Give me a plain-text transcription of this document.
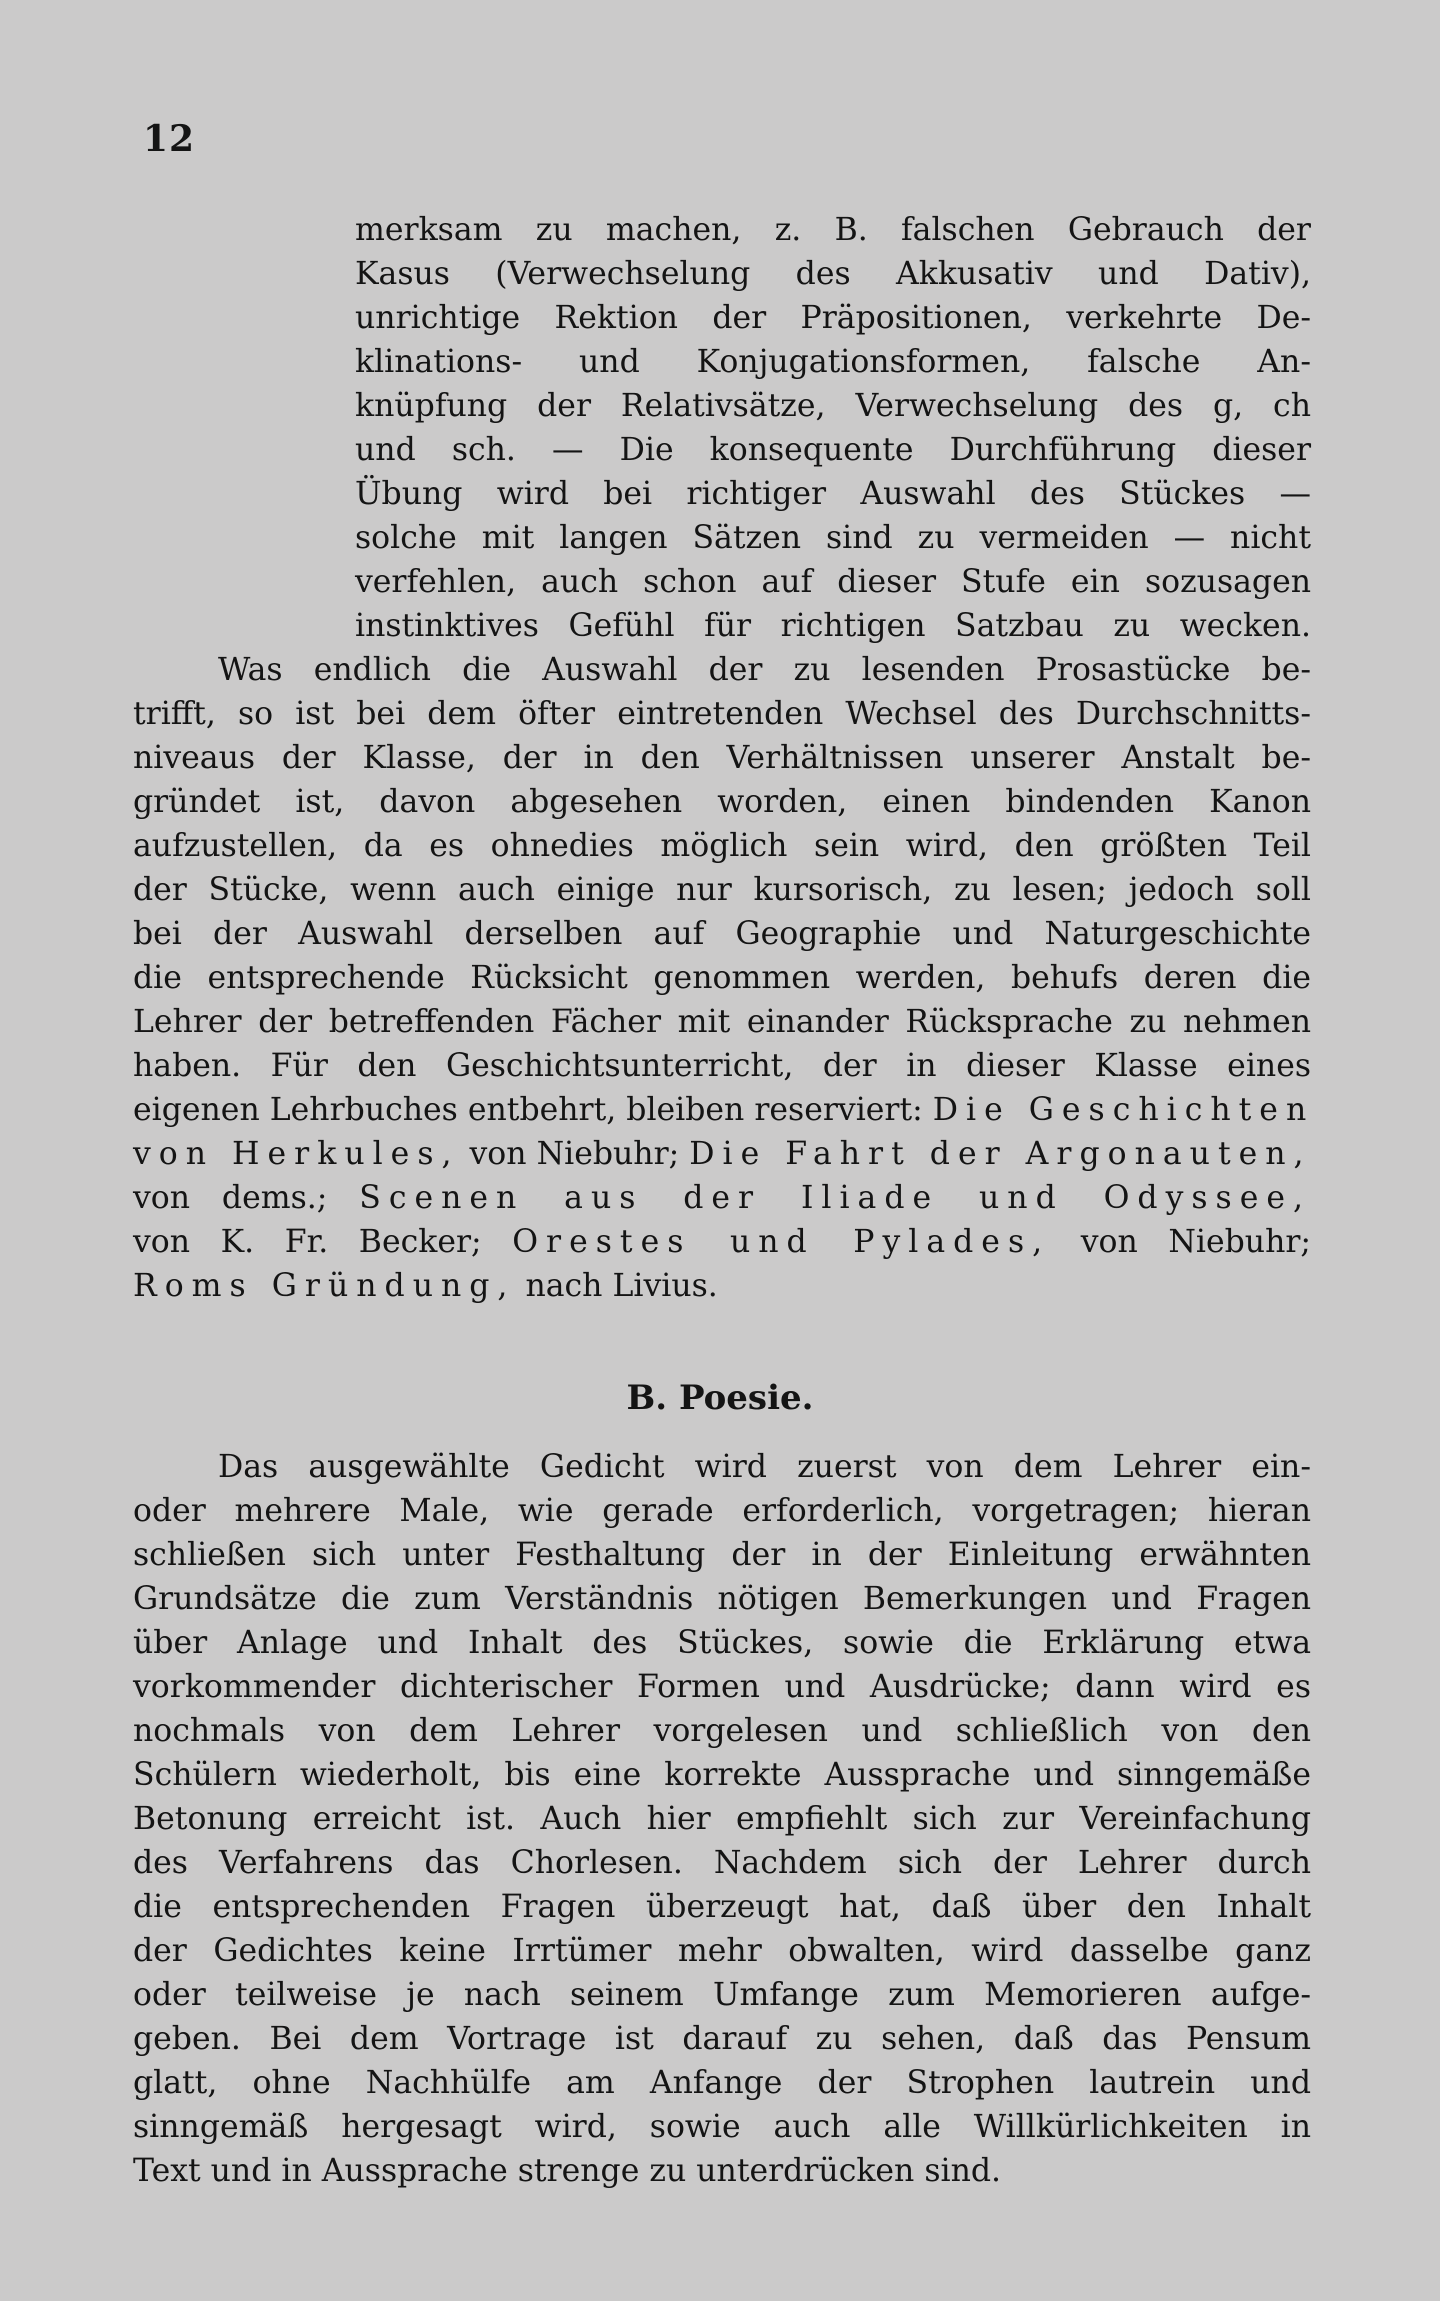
12
merksam zu machen, z. B. falschen Gebrauch der
Kasus (Verwechselung des Akkusativ und Dativ),
unrichtige Rektion der Präpositionen, verkehrte De-
klinations- und Konjugationsformen, falsche An-
knüpfung der Relativsätze, Verwechselung des g, ch
und sch. — Die konsequente Durchführung dieser
Übung wird bei richtiger Auswahl des Stückes —
solche mit langen Sätzen sind zu vermeiden — nicht
verfehlen, auch schon auf dieser Stufe ein sozusagen
instinktives Gefühl für richtigen Satzbau zu wecken.
Was endlich die Auswahl der zu lesenden Prosastücke be-
trifft, so ist bei dem öfter eintretenden Wechsel des Durchschnitts-
niveaus der Klasse, der in den Verhältnissen unserer Anstalt be-
gründet ist, davon abgesehen worden, einen bindenden Kanon
aufzustellen, da es ohnedies möglich sein wird, den größten Teil
der Stücke, wenn auch einige nur kursorisch, zu lesen; jedoch soll
bei der Auswahl derselben auf Geographie und Naturgeschichte
die entsprechende Rücksicht genommen werden, behufs deren die
Lehrer der betreffenden Fächer mit einander Rücksprache zu nehmen
haben. Für den Geschichtsunterricht, der in dieser Klasse eines
eigenen Lehrbuches entbehrt, bleiben reserviert: Die Geschichten
von Herkules, von Niebuhr; Die Fahrt der Argonauten,
von dems.; Scenen aus der Iliade und Odyssee,
von K. Fr. Becker; Orestes und Pylades, von Niebuhr;
Roms Gründung, nach Livius.
B. Poesie.
Das ausgewählte Gedicht wird zuerst von dem Lehrer ein-
oder mehrere Male, wie gerade erforderlich, vorgetragen; hieran
schließen sich unter Festhaltung der in der Einleitung erwähnten
Grundsätze die zum Verständnis nötigen Bemerkungen und Fragen
über Anlage und Inhalt des Stückes, sowie die Erklärung etwa
vorkommender dichterischer Formen und Ausdrücke; dann wird es
nochmals von dem Lehrer vorgelesen und schließlich von den
Schülern wiederholt, bis eine korrekte Aussprache und sinngemäße
Betonung erreicht ist. Auch hier empfiehlt sich zur Vereinfachung
des Verfahrens das Chorlesen. Nachdem sich der Lehrer durch
die entsprechenden Fragen überzeugt hat, daß über den Inhalt
der Gedichtes keine Irrtümer mehr obwalten, wird dasselbe ganz
oder teilweise je nach seinem Umfange zum Memorieren aufge-
geben. Bei dem Vortrage ist darauf zu sehen, daß das Pensum
glatt, ohne Nachhülfe am Anfange der Strophen lautrein und
sinngemäß hergesagt wird, sowie auch alle Willkürlichkeiten in
Text und in Aussprache strenge zu unterdrücken sind.
